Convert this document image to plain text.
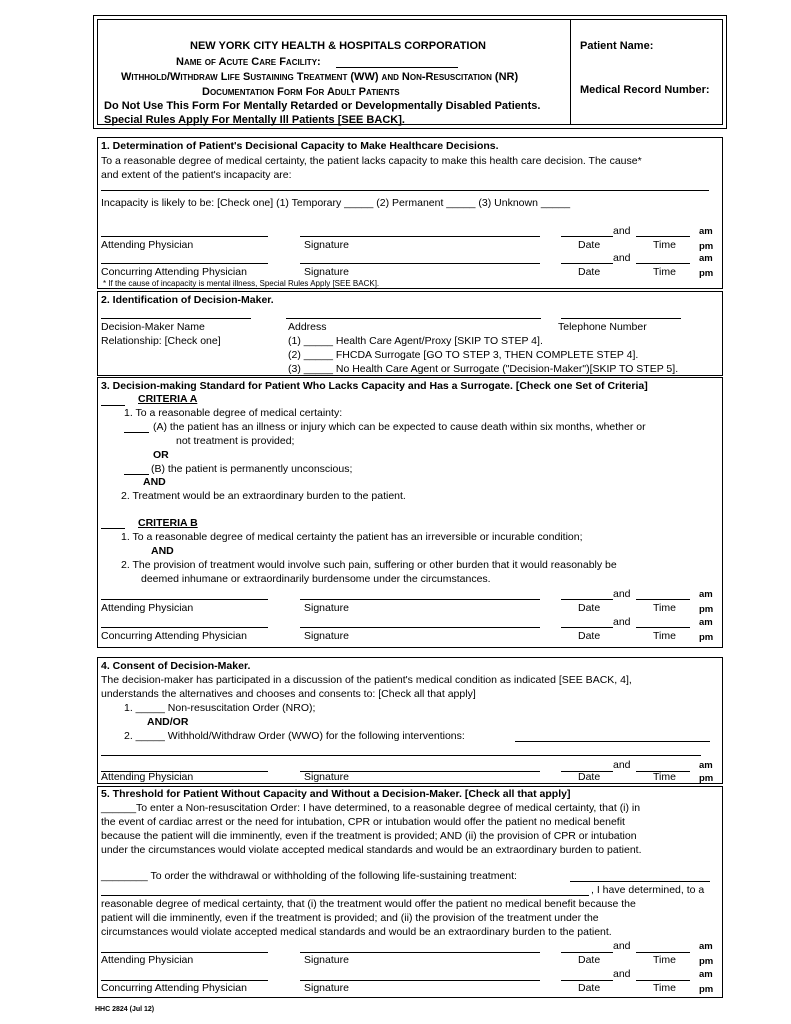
NEW YORK CITY HEALTH & HOSPITALS CORPORATION
Name of Acute Care Facility:
Withhold/Withdraw Life Sustaining Treatment (WW) and Non-Resuscitation (NR)
Documentation Form For Adult Patients
Do Not Use This Form For Mentally Retarded or Developmentally Disabled Patients.
Special Rules Apply For Mentally Ill Patients [SEE BACK].
Patient Name:
Medical Record Number:
1. Determination of Patient's Decisional Capacity to Make Healthcare Decisions.
To a reasonable degree of medical certainty, the patient lacks capacity to make this health care decision. The cause*
and extent of the patient's incapacity are:
Incapacity is likely to be: [Check one] (1) Temporary _____ (2) Permanent _____ (3) Unknown _____
and	am
Attending Physician	Signature	Date	Time pm
and	am
Concurring Attending Physician	Signature	Date	Time pm
* If the cause of incapacity is mental illness, Special Rules Apply [SEE BACK].
2. Identification of Decision-Maker.
Decision-Maker Name	Address	Telephone Number
Relationship: [Check one]	(1) _____ Health Care Agent/Proxy [SKIP TO STEP 4].
(2) _____ FHCDA Surrogate [GO TO STEP 3, THEN COMPLETE STEP 4].
(3) _____ No Health Care Agent or Surrogate ("Decision-Maker")[SKIP TO STEP 5].
3. Decision-making Standard for Patient Who Lacks Capacity and Has a Surrogate. [Check one Set of Criteria]
CRITERIA A
1. To a reasonable degree of medical certainty:
(A) the patient has an illness or injury which can be expected to cause death within six months, whether or
not treatment is provided;
OR
(B) the patient is permanently unconscious;
AND
2. Treatment would be an extraordinary burden to the patient.
CRITERIA B
1. To a reasonable degree of medical certainty the patient has an irreversible or incurable condition;
AND
2. The provision of treatment would involve such pain, suffering or other burden that it would reasonably be
deemed inhumane or extraordinarily burdensome under the circumstances.
and	am
Attending Physician	Signature	Date	Time pm
and	am
Concurring Attending Physician	Signature	Date	Time pm
4. Consent of Decision-Maker.
The decision-maker has participated in a discussion of the patient's medical condition as indicated [SEE BACK, 4],
understands the alternatives and chooses and consents to: [Check all that apply]
1. _____ Non-resuscitation Order (NRO);
AND/OR
2. _____ Withhold/Withdraw Order (WWO) for the following interventions:
and	am
Attending Physician	Signature	Date	Time pm
5. Threshold for Patient Without Capacity and Without a Decision-Maker. [Check all that apply]
______To enter a Non-resuscitation Order: I have determined, to a reasonable degree of medical certainty, that (i) in
the event of cardiac arrest or the need for intubation, CPR or intubation would offer the patient no medical benefit
because the patient will die imminently, even if the treatment is provided; AND (ii) the provision of CPR or intubation
under the circumstances would violate accepted medical standards and would be an extraordinary burden to patient.
________ To order the withdrawal or withholding of the following life-sustaining treatment:
, I have determined, to a
reasonable degree of medical certainty, that (i) the treatment would offer the patient no medical benefit because the
patient will die imminently, even if the treatment is provided; and (ii) the provision of the treatment under the
circumstances would violate accepted medical standards and would be an extraordinary burden to the patient.
and	am
Attending Physician	Signature	Date	Time pm
and	am
Concurring Attending Physician	Signature	Date	Time pm
HHC 2824 (Jul 12)
